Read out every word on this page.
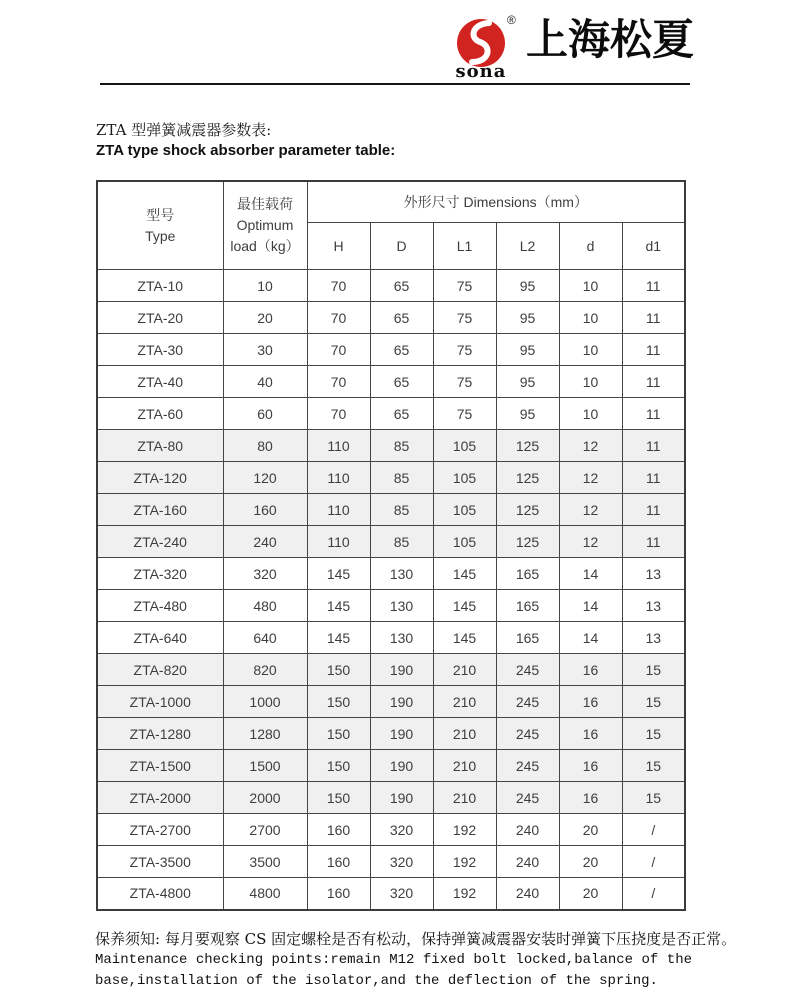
®
sona
上海松夏
ZTA 型弹簧减震器参数表:
ZTA type shock absorber parameter table:
型号
Type	最佳载荷
Optimum
load（kg）	外形尺寸 Dimensions（mm）					
		H	D	L1	L2	d	d1
ZTA-10	10	70	65	75	95	10	11
ZTA-20	20	70	65	75	95	10	11
ZTA-30	30	70	65	75	95	10	11
ZTA-40	40	70	65	75	95	10	11
ZTA-60	60	70	65	75	95	10	11
ZTA-80	80	110	85	105	125	12	11
ZTA-120	120	110	85	105	125	12	11
ZTA-160	160	110	85	105	125	12	11
ZTA-240	240	110	85	105	125	12	11
ZTA-320	320	145	130	145	165	14	13
ZTA-480	480	145	130	145	165	14	13
ZTA-640	640	145	130	145	165	14	13
ZTA-820	820	150	190	210	245	16	15
ZTA-1000	1000	150	190	210	245	16	15
ZTA-1280	1280	150	190	210	245	16	15
ZTA-1500	1500	150	190	210	245	16	15
ZTA-2000	2000	150	190	210	245	16	15
ZTA-2700	2700	160	320	192	240	20	/
ZTA-3500	3500	160	320	192	240	20	/
ZTA-4800	4800	160	320	192	240	20	/
保养须知: 每月要观察 CS 固定螺栓是否有松动，保持弹簧减震器安装时弹簧下压挠度是否正常。
Maintenance checking points:remain M12 fixed bolt locked,balance of the
base,installation of the isolator,and the deflection of the spring.
